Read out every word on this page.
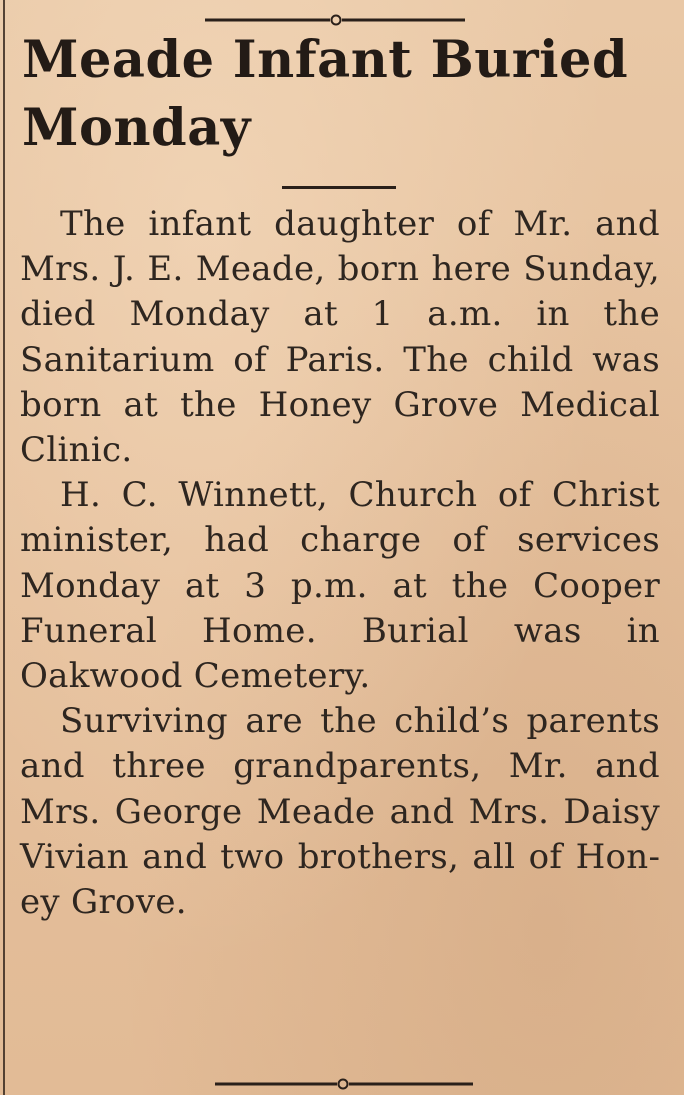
Meade Infant Buried Monday

The infant daughter of Mr. and Mrs. J. E. Meade, born here Sunday, died Monday at 1 a.m. in the Sanitarium of Paris. The child was born at the Honey Grove Medical Clinic.

H. C. Winnett, Church of Christ minister, had charge of services Monday at 3 p.m. at the Cooper Funeral Home. Burial was in Oakwood Cemetery.

Surviving are the child’s parents and three grandparents, Mr. and Mrs. George Meade and Mrs. Daisy Vivian and two brothers, all of Honey Grove.
